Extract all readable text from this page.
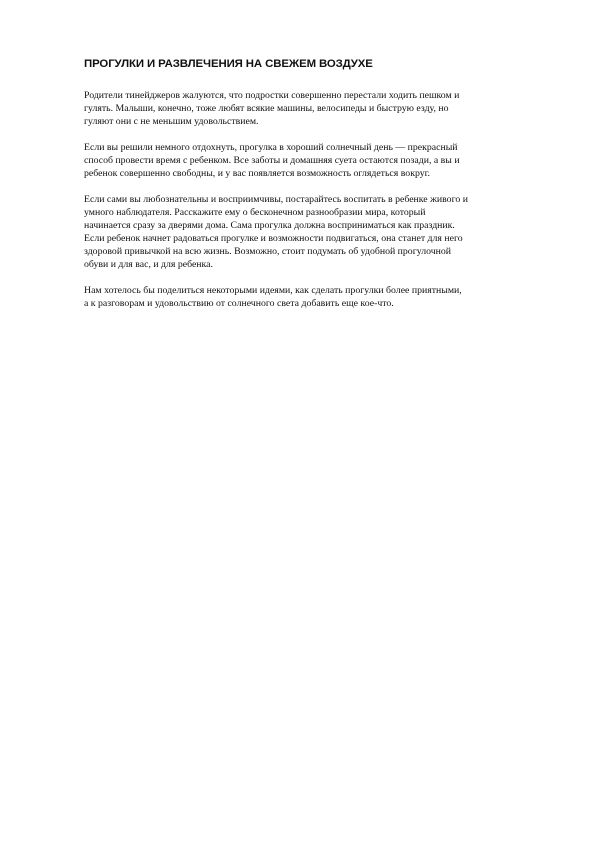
ПРОГУЛКИ И РАЗВЛЕЧЕНИЯ НА СВЕЖЕМ ВОЗДУХЕ
Родители тинейджеров жалуются, что подростки совершенно перестали ходить пешком и
гулять. Малыши, конечно, тоже любят всякие машины, велосипеды и быструю езду, но
гуляют они с не меньшим удовольствием.
Если вы решили немного отдохнуть, прогулка в хороший солнечный день — прекрасный
способ провести время с ребенком. Все заботы и домашняя суета остаются позади, а вы и
ребенок совершенно свободны, и у вас появляется возможность оглядеться вокруг.
Если сами вы любознательны и восприимчивы, постарайтесь воспитать в ребенке живого и
умного наблюдателя. Расскажите ему о бесконечном разнообразии мира, который
начинается сразу за дверями дома. Сама прогулка должна восприниматься как праздник.
Если ребенок начнет радоваться прогулке и возможности подвигаться, она станет для него
здоровой привычкой на всю жизнь. Возможно, стоит подумать об удобной прогулочной
обуви и для вас, и для ребенка.
Нам хотелось бы поделиться некоторыми идеями, как сделать прогулки более приятными,
а к разговорам и удовольствию от солнечного света добавить еще кое-что.
